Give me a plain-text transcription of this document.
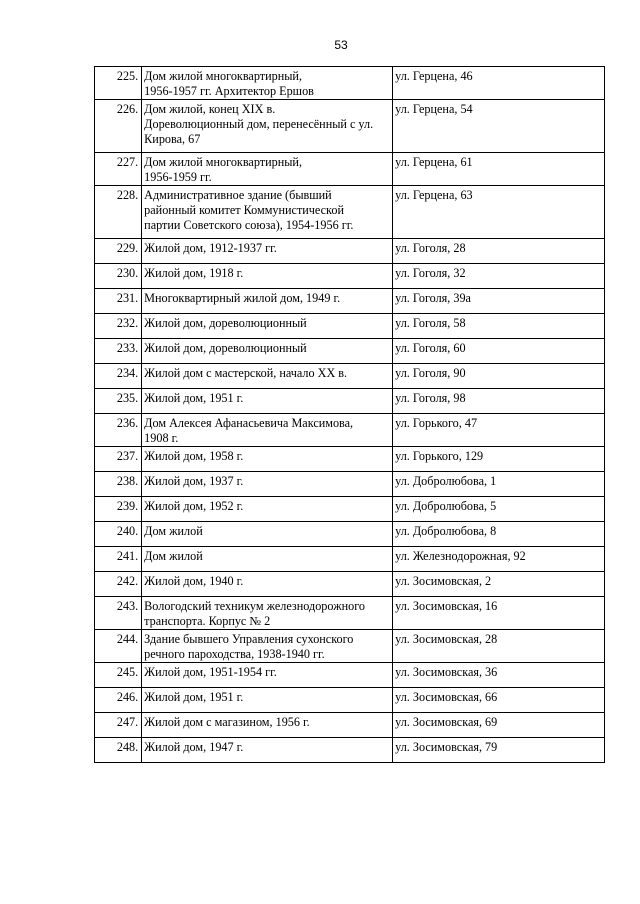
53
225.	Дом жилой многоквартирный,
1956-1957 гг. Архитектор Ершов	ул. Герцена, 46
226.	Дом жилой, конец XIX в.
Дореволюционный дом, перенесённый с ул.
Кирова, 67	ул. Герцена, 54
227.	Дом жилой многоквартирный,
1956-1959 гг.	ул. Герцена, 61
228.	Административное здание (бывший
районный комитет Коммунистической
партии Советского союза), 1954-1956 гг.	ул. Герцена, 63
229.	Жилой дом, 1912-1937 гг.	ул. Гоголя, 28
230.	Жилой дом, 1918 г.	ул. Гоголя, 32
231.	Многоквартирный жилой дом, 1949 г.	ул. Гоголя, 39а
232.	Жилой дом, дореволюционный	ул. Гоголя, 58
233.	Жилой дом, дореволюционный	ул. Гоголя, 60
234.	Жилой дом с мастерской, начало XX в.	ул. Гоголя, 90
235.	Жилой дом, 1951 г.	ул. Гоголя, 98
236.	Дом Алексея Афанасьевича Максимова,
1908 г.	ул. Горького, 47
237.	Жилой дом, 1958 г.	ул. Горького, 129
238.	Жилой дом, 1937 г.	ул. Добролюбова, 1
239.	Жилой дом, 1952 г.	ул. Добролюбова, 5
240.	Дом жилой	ул. Добролюбова, 8
241.	Дом жилой	ул. Железнодорожная, 92
242.	Жилой дом, 1940 г.	ул. Зосимовская, 2
243.	Вологодский техникум железнодорожного
транспорта. Корпус № 2	ул. Зосимовская, 16
244.	Здание бывшего Управления сухонского
речного пароходства, 1938-1940 гг.	ул. Зосимовская, 28
245.	Жилой дом, 1951-1954 гг.	ул. Зосимовская, 36
246.	Жилой дом, 1951 г.	ул. Зосимовская, 66
247.	Жилой дом с магазином, 1956 г.	ул. Зосимовская, 69
248.	Жилой дом, 1947 г.	ул. Зосимовская, 79
